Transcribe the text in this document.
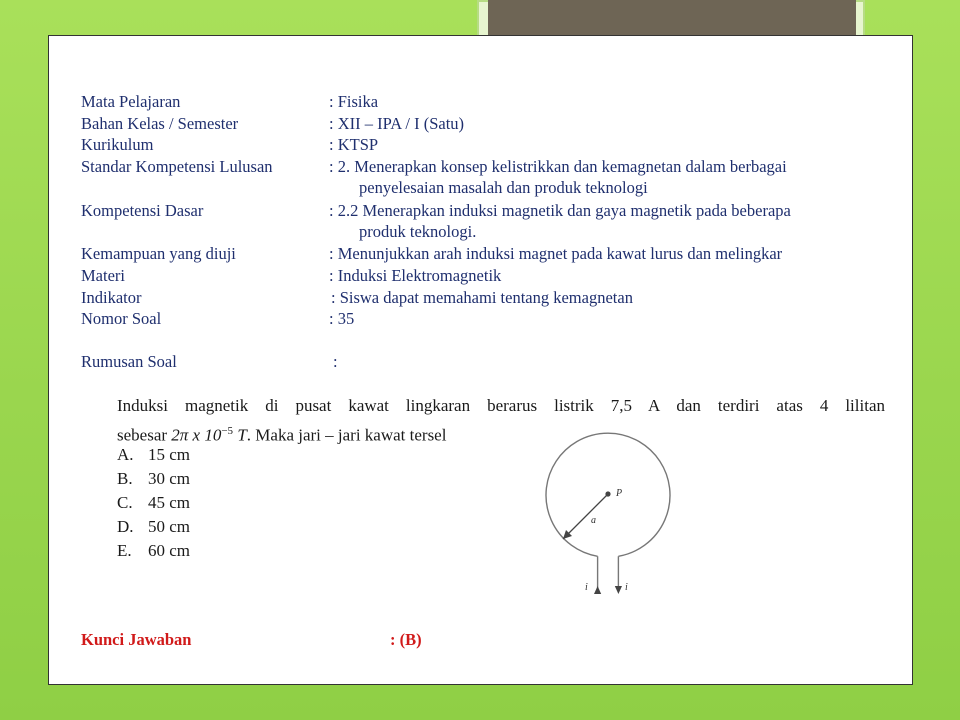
Mata Pelajaran	: Fisika
Bahan Kelas / Semester	: XII – IPA / I (Satu)
Kurikulum	: KTSP
Standar Kompetensi Lulusan	: 2. Menerapkan konsep kelistrikkan dan kemagnetan dalam berbagai
penyelesaian masalah dan produk teknologi
Kompetensi Dasar	: 2.2 Menerapkan induksi magnetik dan gaya magnetik pada beberapa
produk teknologi.
Kemampuan yang diuji	: Menunjukkan arah induksi magnet pada kawat lurus dan melingkar
Materi	: Induksi Elektromagnetik
Indikator	: Siswa dapat memahami tentang kemagnetan
Nomor Soal	: 35
Rumusan Soal	:
Induksi magnetik di pusat kawat lingkaran berarus listrik 7,5 A dan terdiri atas 4 lilitan
sebesar 2π x $10^{-5}$ T. Maka jari – jari kawat tersel
A. 15 cm
B. 30 cm
C. 45 cm
D. 50 cm
E. 60 cm
P
a
i	i
Kunci Jawaban	: (B)
